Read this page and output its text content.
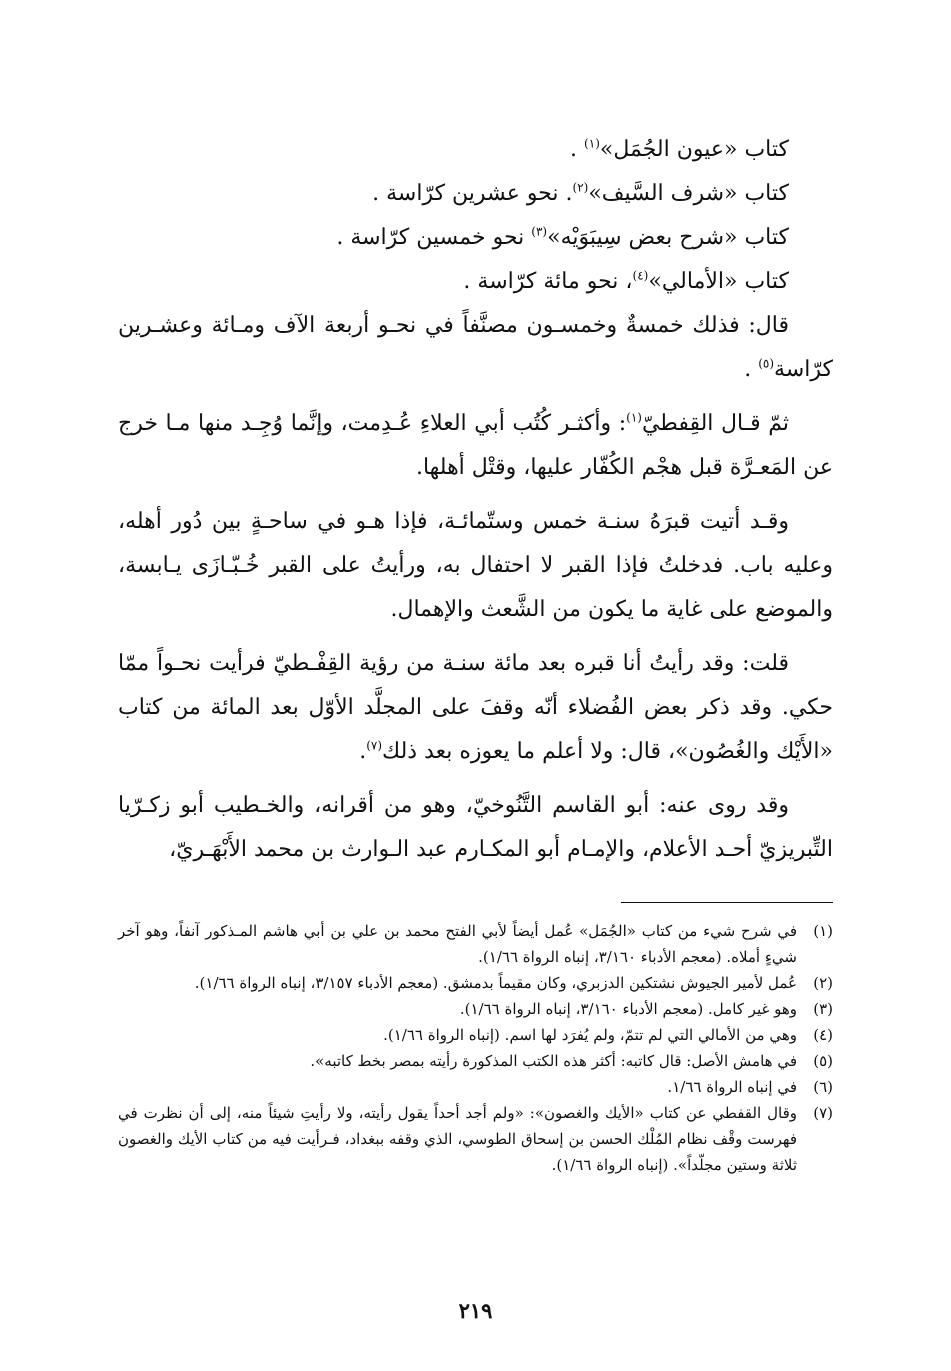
كتاب «عيون الجُمَل»$^{(١)}$ .

كتاب «شرف السَّيف»$^{(٢)}$. نحو عشرين كرّاسة .

كتاب «شرح بعض سِيبَوَيْه»$^{(٣)}$ نحو خمسين كرّاسة .

كتاب «الأمالي»$^{(٤)}$، نحو مائة كرّاسة .

قال: فذلك خمسةٌ وخمسـون مصنَّفاً في نحـو أربعة الآف ومـائة وعشـرين كرّاسة$^{(٥)}$ .

ثمّ قـال القِفطيّ$^{(١)}$: وأكثـر كُتُب أبي العلاءِ عُـدِمت، وإنَّما وُجِـد منها مـا خرج عن المَعـرَّة قبل هجْم الكُفّار عليها، وقتْل أهلها.

وقـد أتيت قبرَهُ سنـة خمس وستّمائـة، فإذا هـو في ساحـةٍ بين دُور أهله، وعليه باب. فدخلتُ فإذا القبر لا احتفال به، ورأيتُ على القبر خُـبّـازَى يـابسة، والموضع على غاية ما يكون من الشَّعث والإهمال.

قلت: وقد رأيتُ أنا قبره بعد مائة سنـة من رؤية القِفْـطيّ فرأيت نحـواً ممّا حكي. وقد ذكر بعض الفُضلاء أنّه وقفَ على المجلَّد الأوّل بعد المائة من كتاب «الأَيْك والغُصُون»، قال: ولا أعلم ما يعوزه بعد ذلك$^{(٧)}$.

وقد روى عنه: أبو القاسم التَّنُوخيّ، وهو من أقرانه، والخـطيب أبو زكـرّيا التِّبريزيّ أحـد الأعلام، والإمـام أبو المكـارم عبد الـوارث بن محمد الأَبْهَـريّ،

(١)
في شرح شيء من كتاب «الجُمَل» عُمل أيضاً لأبي الفتح محمد بن علي بن أبي هاشم المـذكور آنفاً، وهو آخر شيءٍ أملاه. (معجم الأدباء ٣/١٦٠، إنباه الرواة ١/٦٦).
(٢)
عُمل لأمير الجيوش نشتكين الدزبري، وكان مقيماً بدمشق. (معجم الأدباء ٣/١٥٧، إنباه الرواة ١/٦٦).
(٣)
وهو غير كامل. (معجم الأدباء ٣/١٦٠، إنباه الرواة ١/٦٦).
(٤)
وهي من الأمالي التي لم تتمّ، ولم يُفرَد لها اسم. (إنباه الرواة ١/٦٦).
(٥)
في هامش الأصل: قال كاتبه: أكثر هذه الكتب المذكورة رأيته بمصر بخط كاتبه».
(٦)
في إنباه الرواة ١/٦٦.
(٧)
وقال القفطي عن كتاب «الأيك والغصون»: «ولم أجد أحداً يقول رأيته، ولا رأيتِ شيئاً منه، إلى أن نظرت في فهرست وقْف نظام المُلْك الحسن بن إسحاق الطوسي، الذي وقفه ببغداد، فـرأيت فيه من كتاب الأيك والغصون ثلاثة وستين مجلّداً». (إنباه الرواة ١/٦٦).
٢١٩
